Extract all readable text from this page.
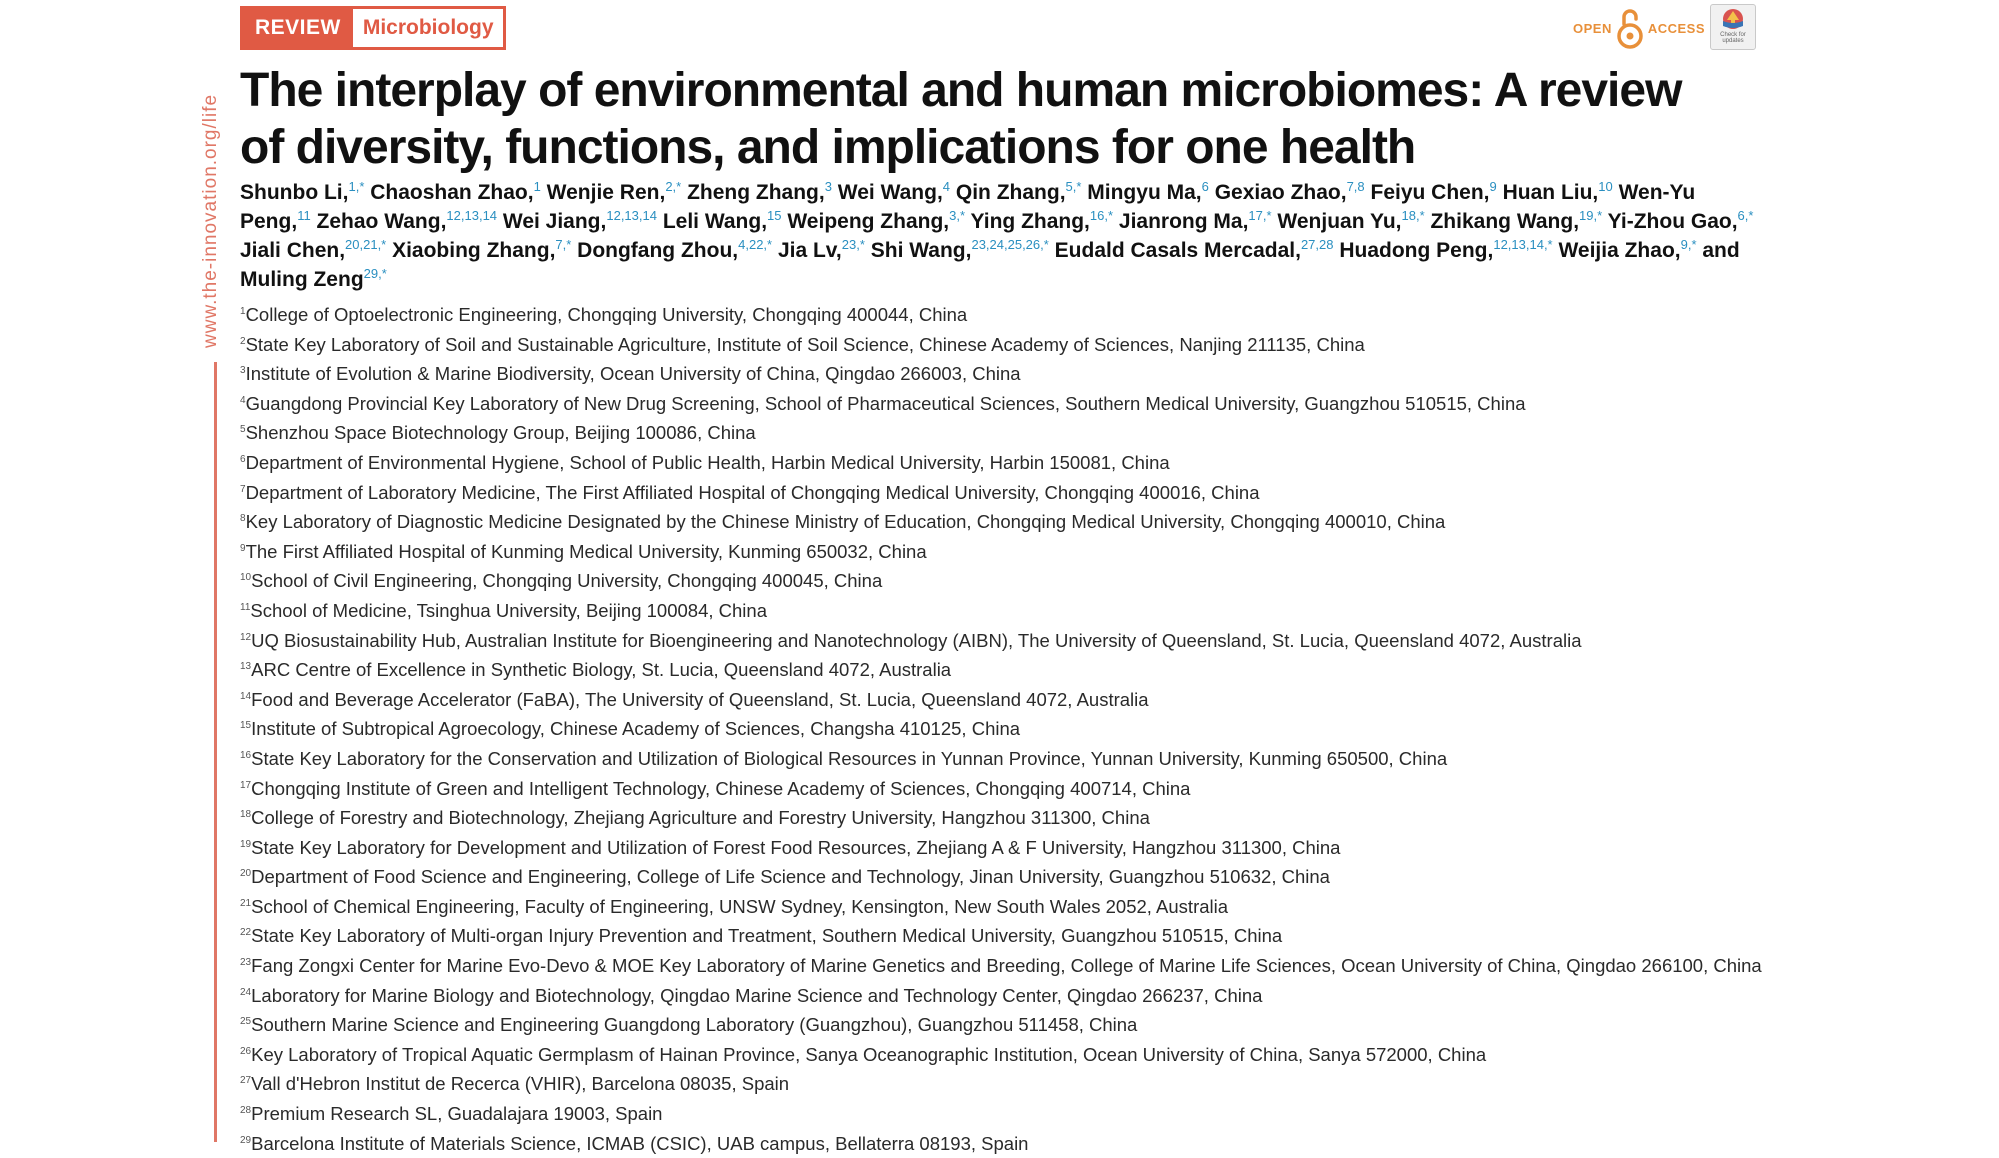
www.the-innovation.org/life
REVIEW	Microbiology	OPEN	ACCESS	Check for updates
The interplay of environmental and human microbiomes: A review of diversity, functions, and implications for one health

Shunbo Li,$^{1,*}$ Chaoshan Zhao,$^1$ Wenjie Ren,$^{2,*}$ Zheng Zhang,$^3$ Wei Wang,$^4$ Qin Zhang,$^{5,*}$ Mingyu Ma,$^6$ Gexiao Zhao,$^{7,8}$ Feiyu Chen,$^9$ Huan Liu,$^{10}$ Wen-Yu Peng,$^{11}$ Zehao Wang,$^{12,13,14}$ Wei Jiang,$^{12,13,14}$ Leli Wang,$^{15}$ Weipeng Zhang,$^{3,*}$ Ying Zhang,$^{16,*}$ Jianrong Ma,$^{17,*}$ Wenjuan Yu,$^{18,*}$ Zhikang Wang,$^{19,*}$ Yi-Zhou Gao,$^{6,*}$ Jiali Chen,$^{20,21,*}$ Xiaobing Zhang,$^{7,*}$ Dongfang Zhou,$^{4,22,*}$ Jia Lv,$^{23,*}$ Shi Wang,$^{23,24,25,26,*}$ Eudald Casals Mercadal,$^{27,28}$ Huadong Peng,$^{12,13,14,*}$ Weijia Zhao,$^{9,*}$ and Muling Zeng$^{29,*}$

$^1$College of Optoelectronic Engineering, Chongqing University, Chongqing 400044, China
$^2$State Key Laboratory of Soil and Sustainable Agriculture, Institute of Soil Science, Chinese Academy of Sciences, Nanjing 211135, China
$^3$Institute of Evolution & Marine Biodiversity, Ocean University of China, Qingdao 266003, China
$^4$Guangdong Provincial Key Laboratory of New Drug Screening, School of Pharmaceutical Sciences, Southern Medical University, Guangzhou 510515, China
$^5$Shenzhou Space Biotechnology Group, Beijing 100086, China
$^6$Department of Environmental Hygiene, School of Public Health, Harbin Medical University, Harbin 150081, China
$^7$Department of Laboratory Medicine, The First Affiliated Hospital of Chongqing Medical University, Chongqing 400016, China
$^8$Key Laboratory of Diagnostic Medicine Designated by the Chinese Ministry of Education, Chongqing Medical University, Chongqing 400010, China
$^9$The First Affiliated Hospital of Kunming Medical University, Kunming 650032, China
$^{10}$School of Civil Engineering, Chongqing University, Chongqing 400045, China
$^{11}$School of Medicine, Tsinghua University, Beijing 100084, China
$^{12}$UQ Biosustainability Hub, Australian Institute for Bioengineering and Nanotechnology (AIBN), The University of Queensland, St. Lucia, Queensland 4072, Australia
$^{13}$ARC Centre of Excellence in Synthetic Biology, St. Lucia, Queensland 4072, Australia
$^{14}$Food and Beverage Accelerator (FaBA), The University of Queensland, St. Lucia, Queensland 4072, Australia
$^{15}$Institute of Subtropical Agroecology, Chinese Academy of Sciences, Changsha 410125, China
$^{16}$State Key Laboratory for the Conservation and Utilization of Biological Resources in Yunnan Province, Yunnan University, Kunming 650500, China
$^{17}$Chongqing Institute of Green and Intelligent Technology, Chinese Academy of Sciences, Chongqing 400714, China
$^{18}$College of Forestry and Biotechnology, Zhejiang Agriculture and Forestry University, Hangzhou 311300, China
$^{19}$State Key Laboratory for Development and Utilization of Forest Food Resources, Zhejiang A & F University, Hangzhou 311300, China
$^{20}$Department of Food Science and Engineering, College of Life Science and Technology, Jinan University, Guangzhou 510632, China
$^{21}$School of Chemical Engineering, Faculty of Engineering, UNSW Sydney, Kensington, New South Wales 2052, Australia
$^{22}$State Key Laboratory of Multi-organ Injury Prevention and Treatment, Southern Medical University, Guangzhou 510515, China
$^{23}$Fang Zongxi Center for Marine Evo-Devo & MOE Key Laboratory of Marine Genetics and Breeding, College of Marine Life Sciences, Ocean University of China, Qingdao 266100, China
$^{24}$Laboratory for Marine Biology and Biotechnology, Qingdao Marine Science and Technology Center, Qingdao 266237, China
$^{25}$Southern Marine Science and Engineering Guangdong Laboratory (Guangzhou), Guangzhou 511458, China
$^{26}$Key Laboratory of Tropical Aquatic Germplasm of Hainan Province, Sanya Oceanographic Institution, Ocean University of China, Sanya 572000, China
$^{27}$Vall d'Hebron Institut de Recerca (VHIR), Barcelona 08035, Spain
$^{28}$Premium Research SL, Guadalajara 19003, Spain
$^{29}$Barcelona Institute of Materials Science, ICMAB (CSIC), UAB campus, Bellaterra 08193, Spain
